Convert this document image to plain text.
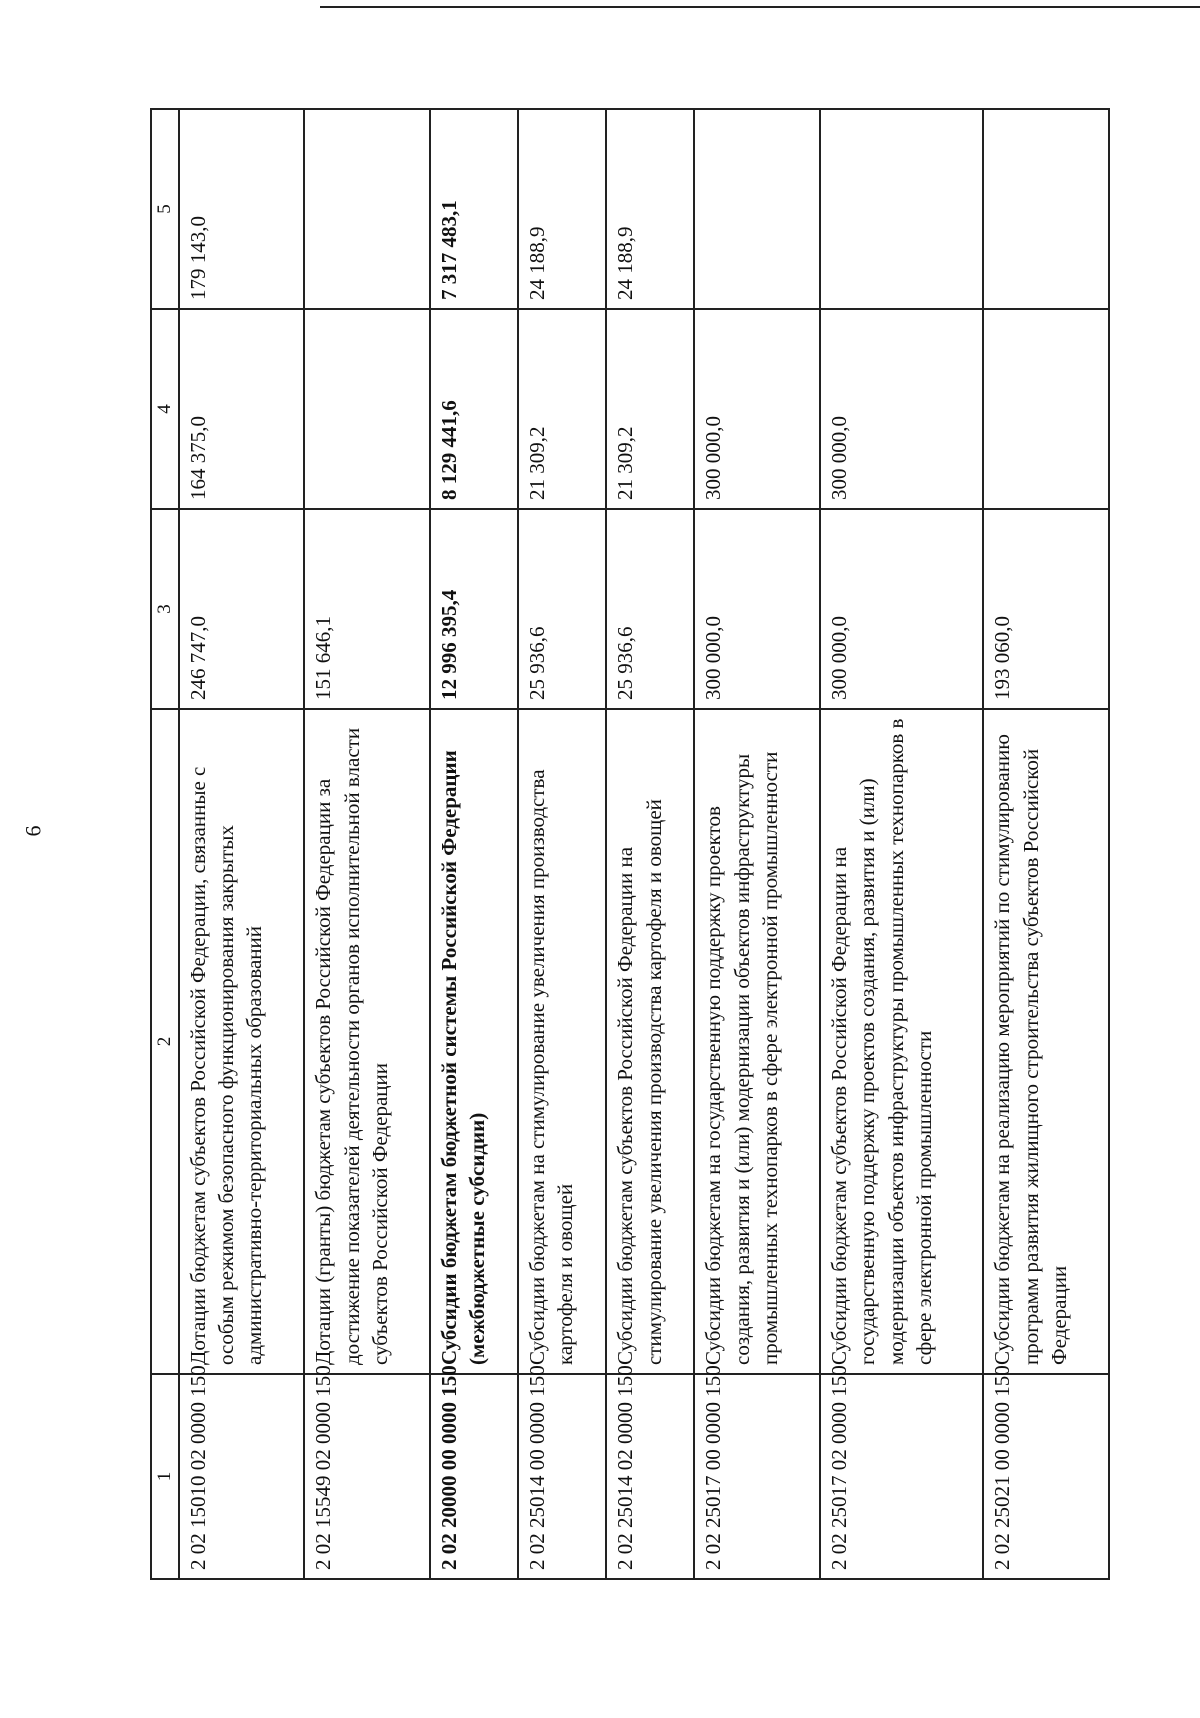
6
1	2	3	4	5
2 02 15010 02 0000 150	Дотации бюджетам субъектов Российской Федерации, связанные с особым режимом безопасного функционирования закрытых административно-территориальных образований	246 747,0	164 375,0	179 143,0
2 02 15549 02 0000 150	Дотации (гранты) бюджетам субъектов Российской Федерации за достижение показателей деятельности органов исполнительной власти субъектов Российской Федерации	151 646,1		
2 02 20000 00 0000 150	Субсидии бюджетам бюджетной системы Российской Федерации (межбюджетные субсидии)	12 996 395,4	8 129 441,6	7 317 483,1
2 02 25014 00 0000 150	Субсидии бюджетам на стимулирование увеличения производства картофеля и овощей	25 936,6	21 309,2	24 188,9
2 02 25014 02 0000 150	Субсидии бюджетам субъектов Российской Федерации на стимулирование увеличения производства картофеля и овощей	25 936,6	21 309,2	24 188,9
2 02 25017 00 0000 150	Субсидии бюджетам на государственную поддержку проектов создания, развития и (или) модернизации объектов инфраструктуры промышленных технопарков в сфере электронной промышленности	300 000,0	300 000,0	
2 02 25017 02 0000 150	Субсидии бюджетам субъектов Российской Федерации на государственную поддержку проектов создания, развития и (или) модернизации объектов инфраструктуры промышленных технопарков в сфере электронной промышленности	300 000,0	300 000,0	
2 02 25021 00 0000 150	Субсидии бюджетам на реализацию мероприятий по стимулированию программ развития жилищного строительства субъектов Российской Федерации	193 060,0		
